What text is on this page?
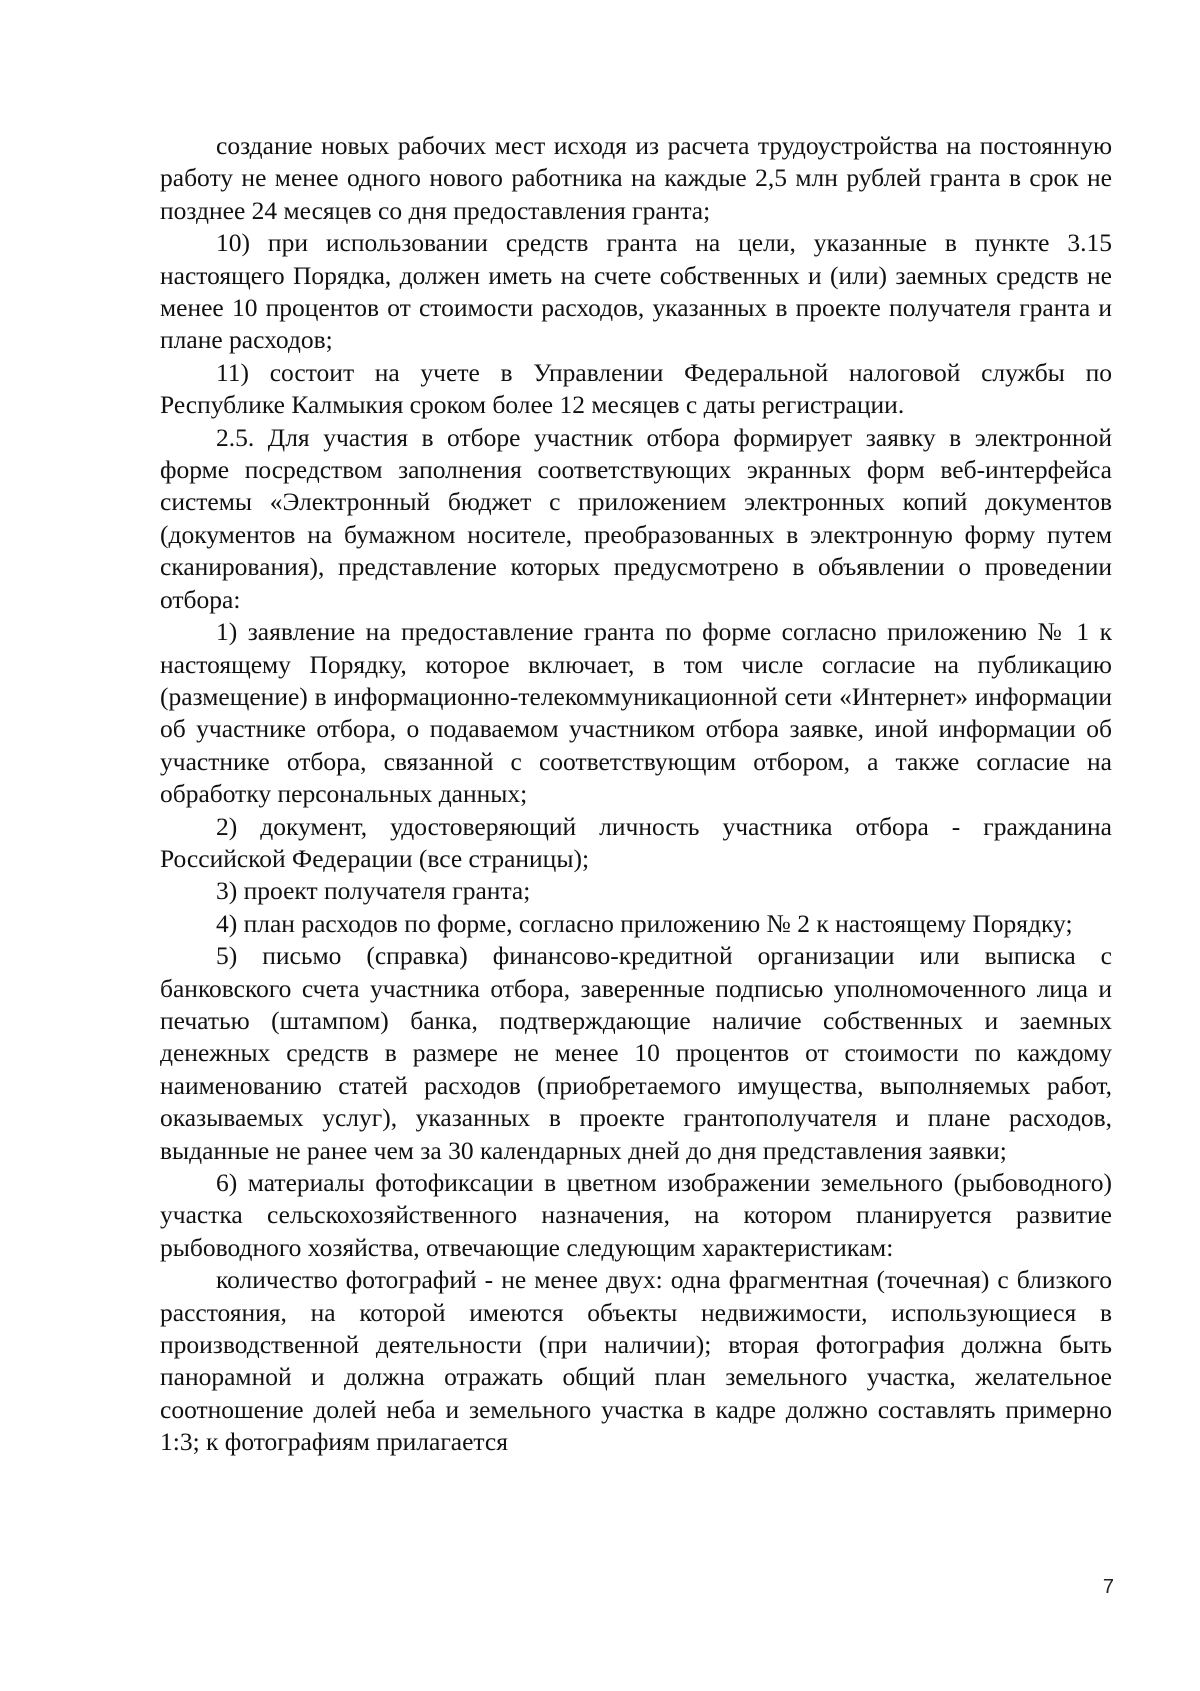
создание новых рабочих мест исходя из расчета трудоустройства на постоянную работу не менее одного нового работника на каждые 2,5 млн рублей гранта в срок не позднее 24 месяцев со дня предоставления гранта;

10) при использовании средств гранта на цели, указанные в пункте 3.15 настоящего Порядка, должен иметь на счете собственных и (или) заемных средств не менее 10 процентов от стоимости расходов, указанных в проекте получателя гранта и плане расходов;

11) состоит на учете в Управлении Федеральной налоговой службы по Республике Калмыкия сроком более 12 месяцев с даты регистрации.

2.5. Для участия в отборе участник отбора формирует заявку в электронной форме посредством заполнения соответствующих экранных форм веб-интерфейса системы «Электронный бюджет с приложением электронных копий документов (документов на бумажном носителе, преобразованных в электронную форму путем сканирования), представление которых предусмотрено в объявлении о проведении отбора:

1) заявление на предоставление гранта по форме согласно приложению № 1 к настоящему Порядку, которое включает, в том числе согласие на публикацию (размещение) в информационно-телекоммуникационной сети «Интернет» информации об участнике отбора, о подаваемом участником отбора заявке, иной информации об участнике отбора, связанной с соответствующим отбором, а также согласие на обработку персональных данных;

2) документ, удостоверяющий личность участника отбора - гражданина Российской Федерации (все страницы);

3) проект получателя гранта;

4) план расходов по форме, согласно приложению № 2 к настоящему Порядку;

5) письмо (справка) финансово-кредитной организации или выписка с банковского счета участника отбора, заверенные подписью уполномоченного лица и печатью (штампом) банка, подтверждающие наличие собственных и заемных денежных средств в размере не менее 10 процентов от стоимости по каждому наименованию статей расходов (приобретаемого имущества, выполняемых работ, оказываемых услуг), указанных в проекте грантополучателя и плане расходов, выданные не ранее чем за 30 календарных дней до дня представления заявки;

6) материалы фотофиксации в цветном изображении земельного (рыбоводного) участка сельскохозяйственного назначения, на котором планируется развитие рыбоводного хозяйства, отвечающие следующим характеристикам:

количество фотографий - не менее двух: одна фрагментная (точечная) с близкого расстояния, на которой имеются объекты недвижимости, использующиеся в производственной деятельности (при наличии); вторая фотография должна быть панорамной и должна отражать общий план земельного участка, желательное соотношение долей неба и земельного участка в кадре должно составлять примерно 1:3; к фотографиям прилагается

7
